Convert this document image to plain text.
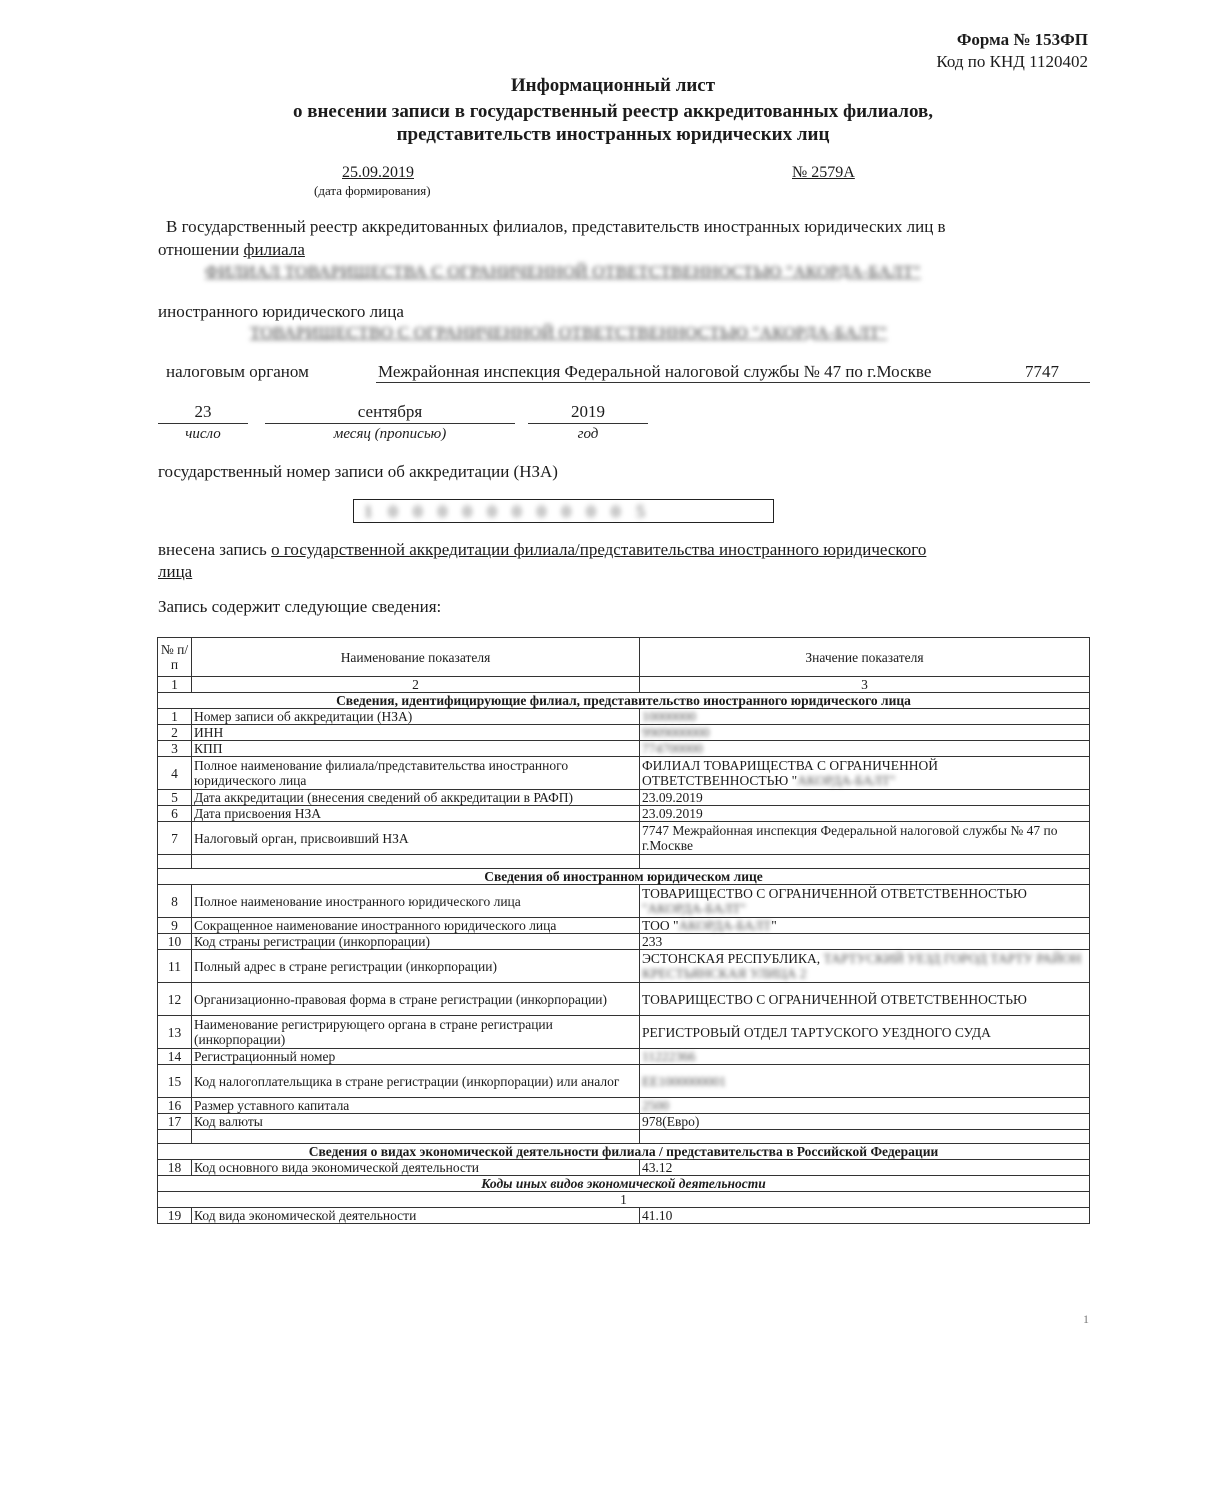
Форма № 153ФП
Код по КНД 1120402
Информационный лист
о внесении записи в государственный реестр аккредитованных филиалов,
представительств иностранных юридических лиц
25.09.2019
(дата формирования)
№ 2579А
В государственный реестр аккредитованных филиалов, представительств иностранных юридических лиц в
отношении филиала
ФИЛИАЛ ТОВАРИЩЕСТВА С ОГРАНИЧЕННОЙ ОТВЕТСТВЕННОСТЬЮ "АКОРДА-БАЛТ"
иностранного юридического лица
ТОВАРИЩЕСТВО С ОГРАНИЧЕННОЙ ОТВЕТСТВЕННОСТЬЮ "АКОРДА-БАЛТ"
налоговым органом	Межрайонная инспекция Федеральной налоговой службы № 47 по г.Москве	7747
23	сентября	2019
число	месяц (прописью)	год
государственный номер записи об аккредитации (НЗА)
1 0 0 0 0 0 0 0 0 0 0 5
внесена запись о государственной аккредитации филиала/представительства иностранного юридического
лица
Запись содержит следующие сведения:
№ п/п	Наименование показателя	Значение показателя
1	2	3
Сведения, идентифицирующие филиал, представительство иностранного юридического лица		
1	Номер записи об аккредитации (НЗА)	10000000
2	ИНН	9909000000
3	КПП	774700000
4	Полное наименование филиала/представительства иностранного юридического лица	ФИЛИАЛ ТОВАРИЩЕСТВА С ОГРАНИЧЕННОЙ ОТВЕТСТВЕННОСТЬЮ "АКОРДА-БАЛТ"
5	Дата аккредитации (внесения сведений об аккредитации в РАФП)	23.09.2019
6	Дата присвоения НЗА	23.09.2019
7	Налоговый орган, присвоивший НЗА	7747 Межрайонная инспекция Федеральной налоговой службы № 47 по г.Москве

Сведения об иностранном юридическом лице		
8	Полное наименование иностранного юридического лица	ТОВАРИЩЕСТВО С ОГРАНИЧЕННОЙ ОТВЕТСТВЕННОСТЬЮ
"АКОРДА-БАЛТ"
9	Сокращенное наименование иностранного юридического лица	ТОО "АКОРДА-БАЛТ"
10	Код страны регистрации (инкорпорации)	233
11	Полный адрес в стране регистрации (инкорпорации)	ЭСТОНСКАЯ РЕСПУБЛИКА, ТАРТУСКИЙ УЕЗД ГОРОД ТАРТУ РАЙОН КРЕСТЬЯНСКАЯ УЛИЦА 2
12	Организационно-правовая форма в стране регистрации (инкорпорации)	ТОВАРИЩЕСТВО С ОГРАНИЧЕННОЙ ОТВЕТСТВЕННОСТЬЮ
13	Наименование регистрирующего органа в стране регистрации (инкорпорации)	РЕГИСТРОВЫЙ ОТДЕЛ ТАРТУСКОГО УЕЗДНОГО СУДА
14	Регистрационный номер	11222366
15	Код налогоплательщика в стране регистрации (инкорпорации) или аналог	EE1000000001
16	Размер уставного капитала	2500
17	Код валюты	978(Евро)

Сведения о видах экономической деятельности филиала / представительства в Российской Федерации		
18	Код основного вида экономической деятельности	43.12
Коды иных видов экономической деятельности		
1		
19	Код вида экономической деятельности	41.10
1
